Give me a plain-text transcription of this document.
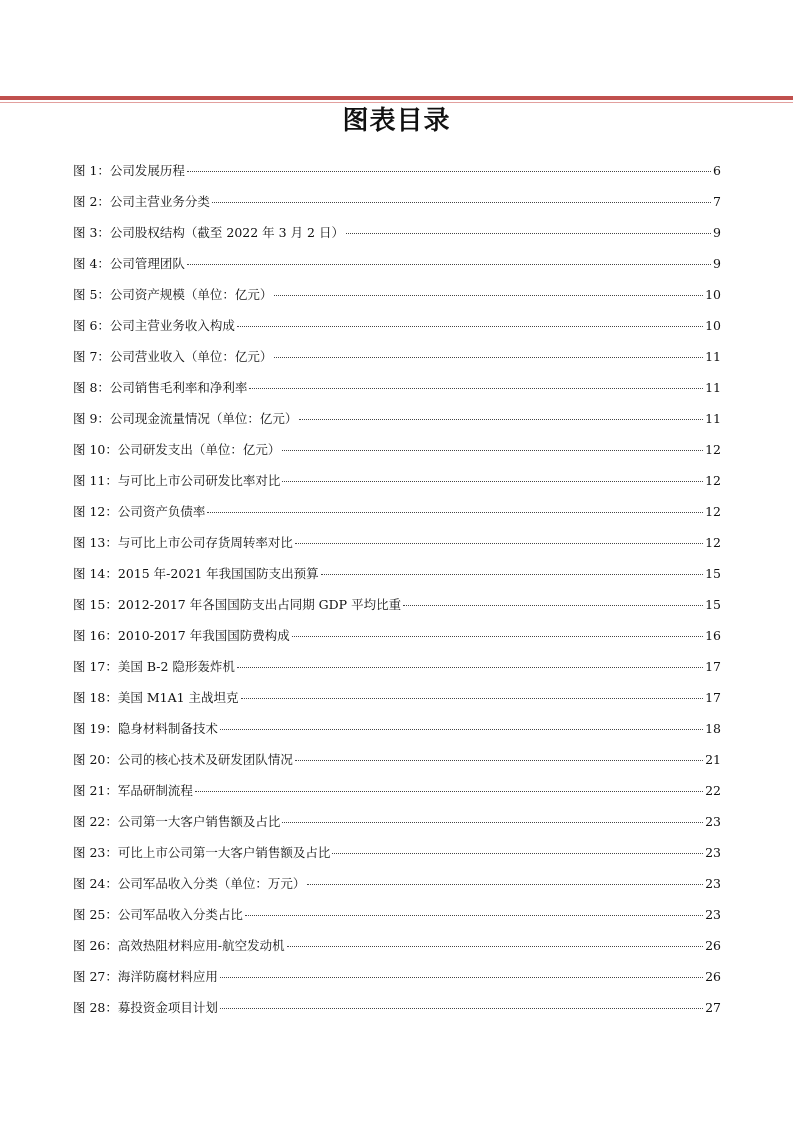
图表目录
图 1：公司发展历程	6
图 2：公司主营业务分类	7
图 3：公司股权结构（截至 2022 年 3 月 2 日）	9
图 4：公司管理团队	9
图 5：公司资产规模（单位：亿元）	10
图 6：公司主营业务收入构成	10
图 7：公司营业收入（单位：亿元）	11
图 8：公司销售毛利率和净利率	11
图 9：公司现金流量情况（单位：亿元）	11
图 10：公司研发支出（单位：亿元）	12
图 11：与可比上市公司研发比率对比	12
图 12：公司资产负债率	12
图 13：与可比上市公司存货周转率对比	12
图 14：2015 年-2021 年我国国防支出预算	15
图 15：2012-2017 年各国国防支出占同期 GDP 平均比重	15
图 16：2010-2017 年我国国防费构成	16
图 17：美国 B-2 隐形轰炸机	17
图 18：美国 M1A1 主战坦克	17
图 19：隐身材料制备技术	18
图 20：公司的核心技术及研发团队情况	21
图 21：军品研制流程	22
图 22：公司第一大客户销售额及占比	23
图 23：可比上市公司第一大客户销售额及占比	23
图 24：公司军品收入分类（单位：万元）	23
图 25：公司军品收入分类占比	23
图 26：高效热阻材料应用-航空发动机	26
图 27：海洋防腐材料应用	26
图 28：募投资金项目计划	27
